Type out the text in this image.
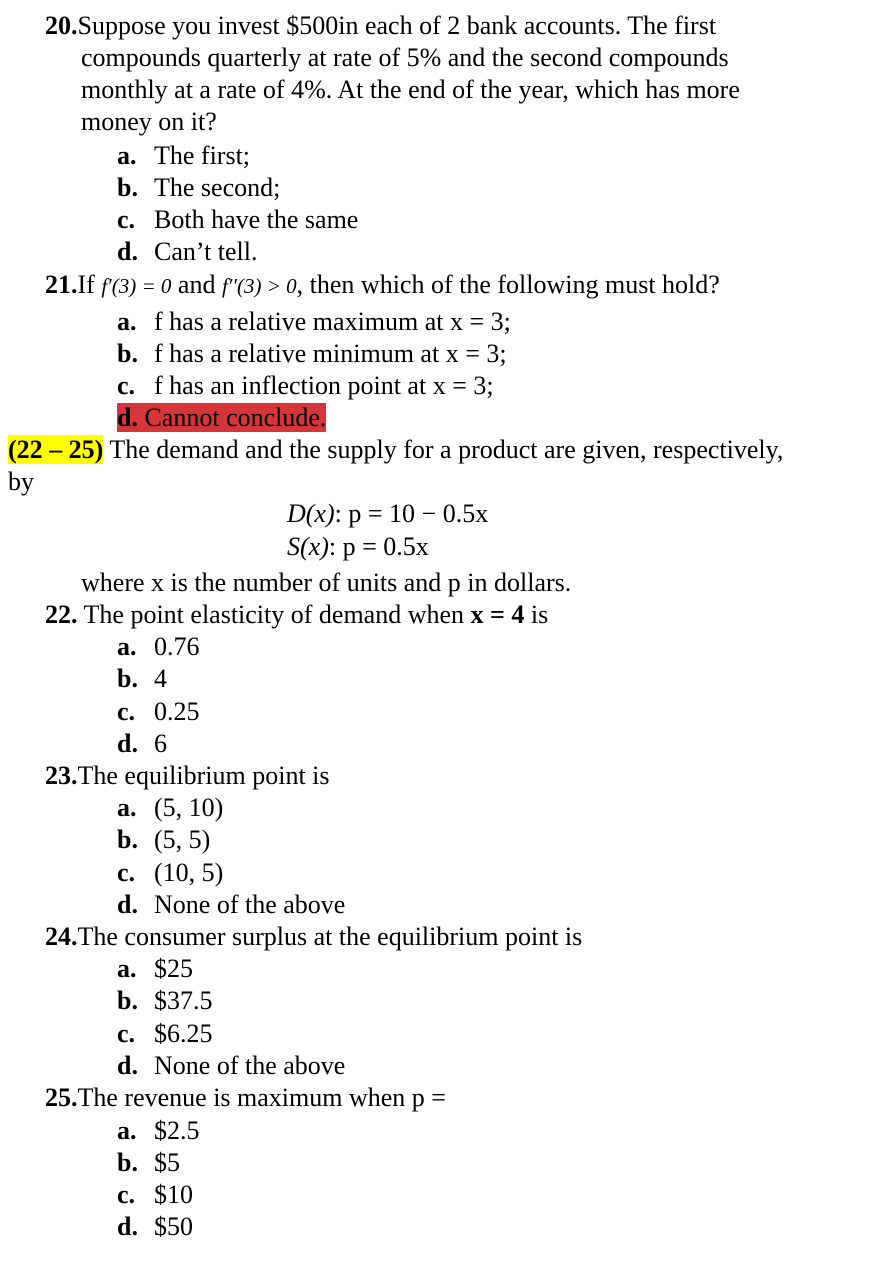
20.Suppose you invest $500in each of 2 bank accounts. The first
compounds quarterly at rate of 5% and the second compounds
monthly at a rate of 4%. At the end of the year, which has more
money on it?
a. The first;
b. The second;
c. Both have the same
d. Can’t tell.
21.If f′(3) = 0 and f′′(3) > 0, then which of the following must hold?
a. f has a relative maximum at x = 3;
b. f has a relative minimum at x = 3;
c. f has an inflection point at x = 3;
d. Cannot conclude.
(22 – 25) The demand and the supply for a product are given, respectively,
by
D(x): p = 10 − 0.5x
S(x): p = 0.5x
where x is the number of units and p in dollars.
22. The point elasticity of demand when x = 4 is
a. 0.76
b. 4
c. 0.25
d. 6
23.The equilibrium point is
a. (5, 10)
b. (5, 5)
c. (10, 5)
d. None of the above
24.The consumer surplus at the equilibrium point is
a. $25
b. $37.5
c. $6.25
d. None of the above
25.The revenue is maximum when p =
a. $2.5
b. $5
c. $10
d. $50
